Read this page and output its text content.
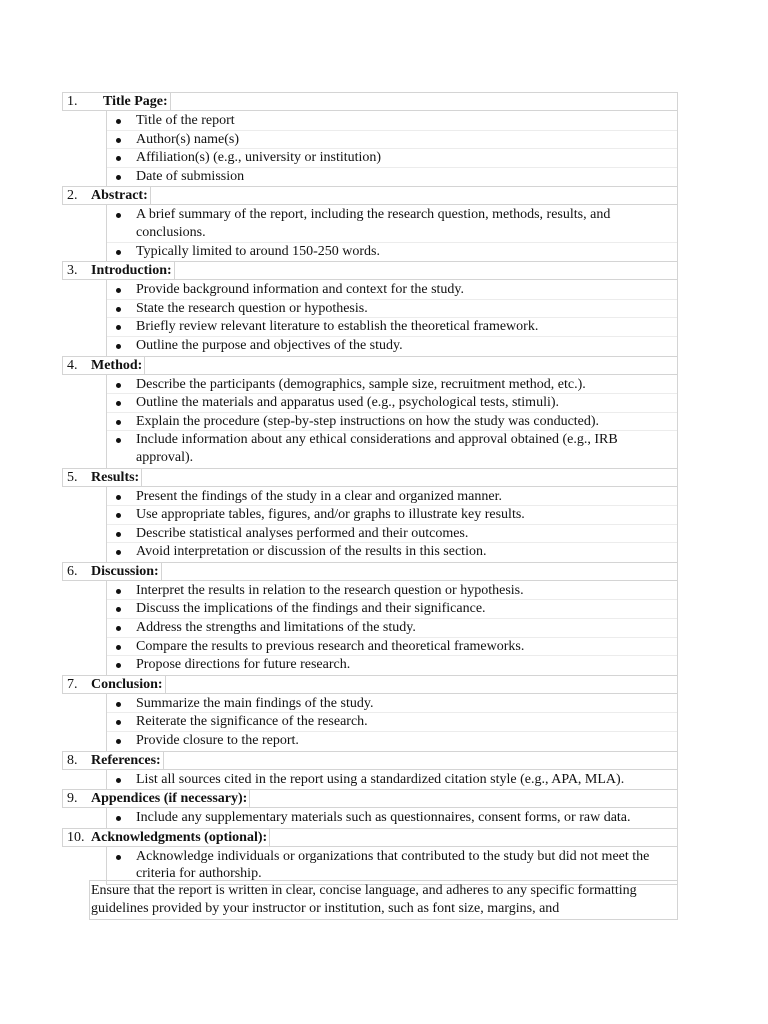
1.	Title Page:
Title of the report
Author(s) name(s)
Affiliation(s) (e.g., university or institution)
Date of submission
2. Abstract:
A brief summary of the report, including the research question, methods, results, and conclusions.
Typically limited to around 150-250 words.
3. Introduction:
Provide background information and context for the study.
State the research question or hypothesis.
Briefly review relevant literature to establish the theoretical framework.
Outline the purpose and objectives of the study.
4. Method:
Describe the participants (demographics, sample size, recruitment method, etc.).
Outline the materials and apparatus used (e.g., psychological tests, stimuli).
Explain the procedure (step-by-step instructions on how the study was conducted).
Include information about any ethical considerations and approval obtained (e.g., IRB approval).
5. Results:
Present the findings of the study in a clear and organized manner.
Use appropriate tables, figures, and/or graphs to illustrate key results.
Describe statistical analyses performed and their outcomes.
Avoid interpretation or discussion of the results in this section.
6. Discussion:
Interpret the results in relation to the research question or hypothesis.
Discuss the implications of the findings and their significance.
Address the strengths and limitations of the study.
Compare the results to previous research and theoretical frameworks.
Propose directions for future research.
7. Conclusion:
Summarize the main findings of the study.
Reiterate the significance of the research.
Provide closure to the report.
8. References:
List all sources cited in the report using a standardized citation style (e.g., APA, MLA).
9. Appendices (if necessary):
Include any supplementary materials such as questionnaires, consent forms, or raw data.
10. Acknowledgments (optional):
Acknowledge individuals or organizations that contributed to the study but did not meet the criteria for authorship.
Ensure that the report is written in clear, concise language, and adheres to any specific formatting guidelines provided by your instructor or institution, such as font size, margins, and
